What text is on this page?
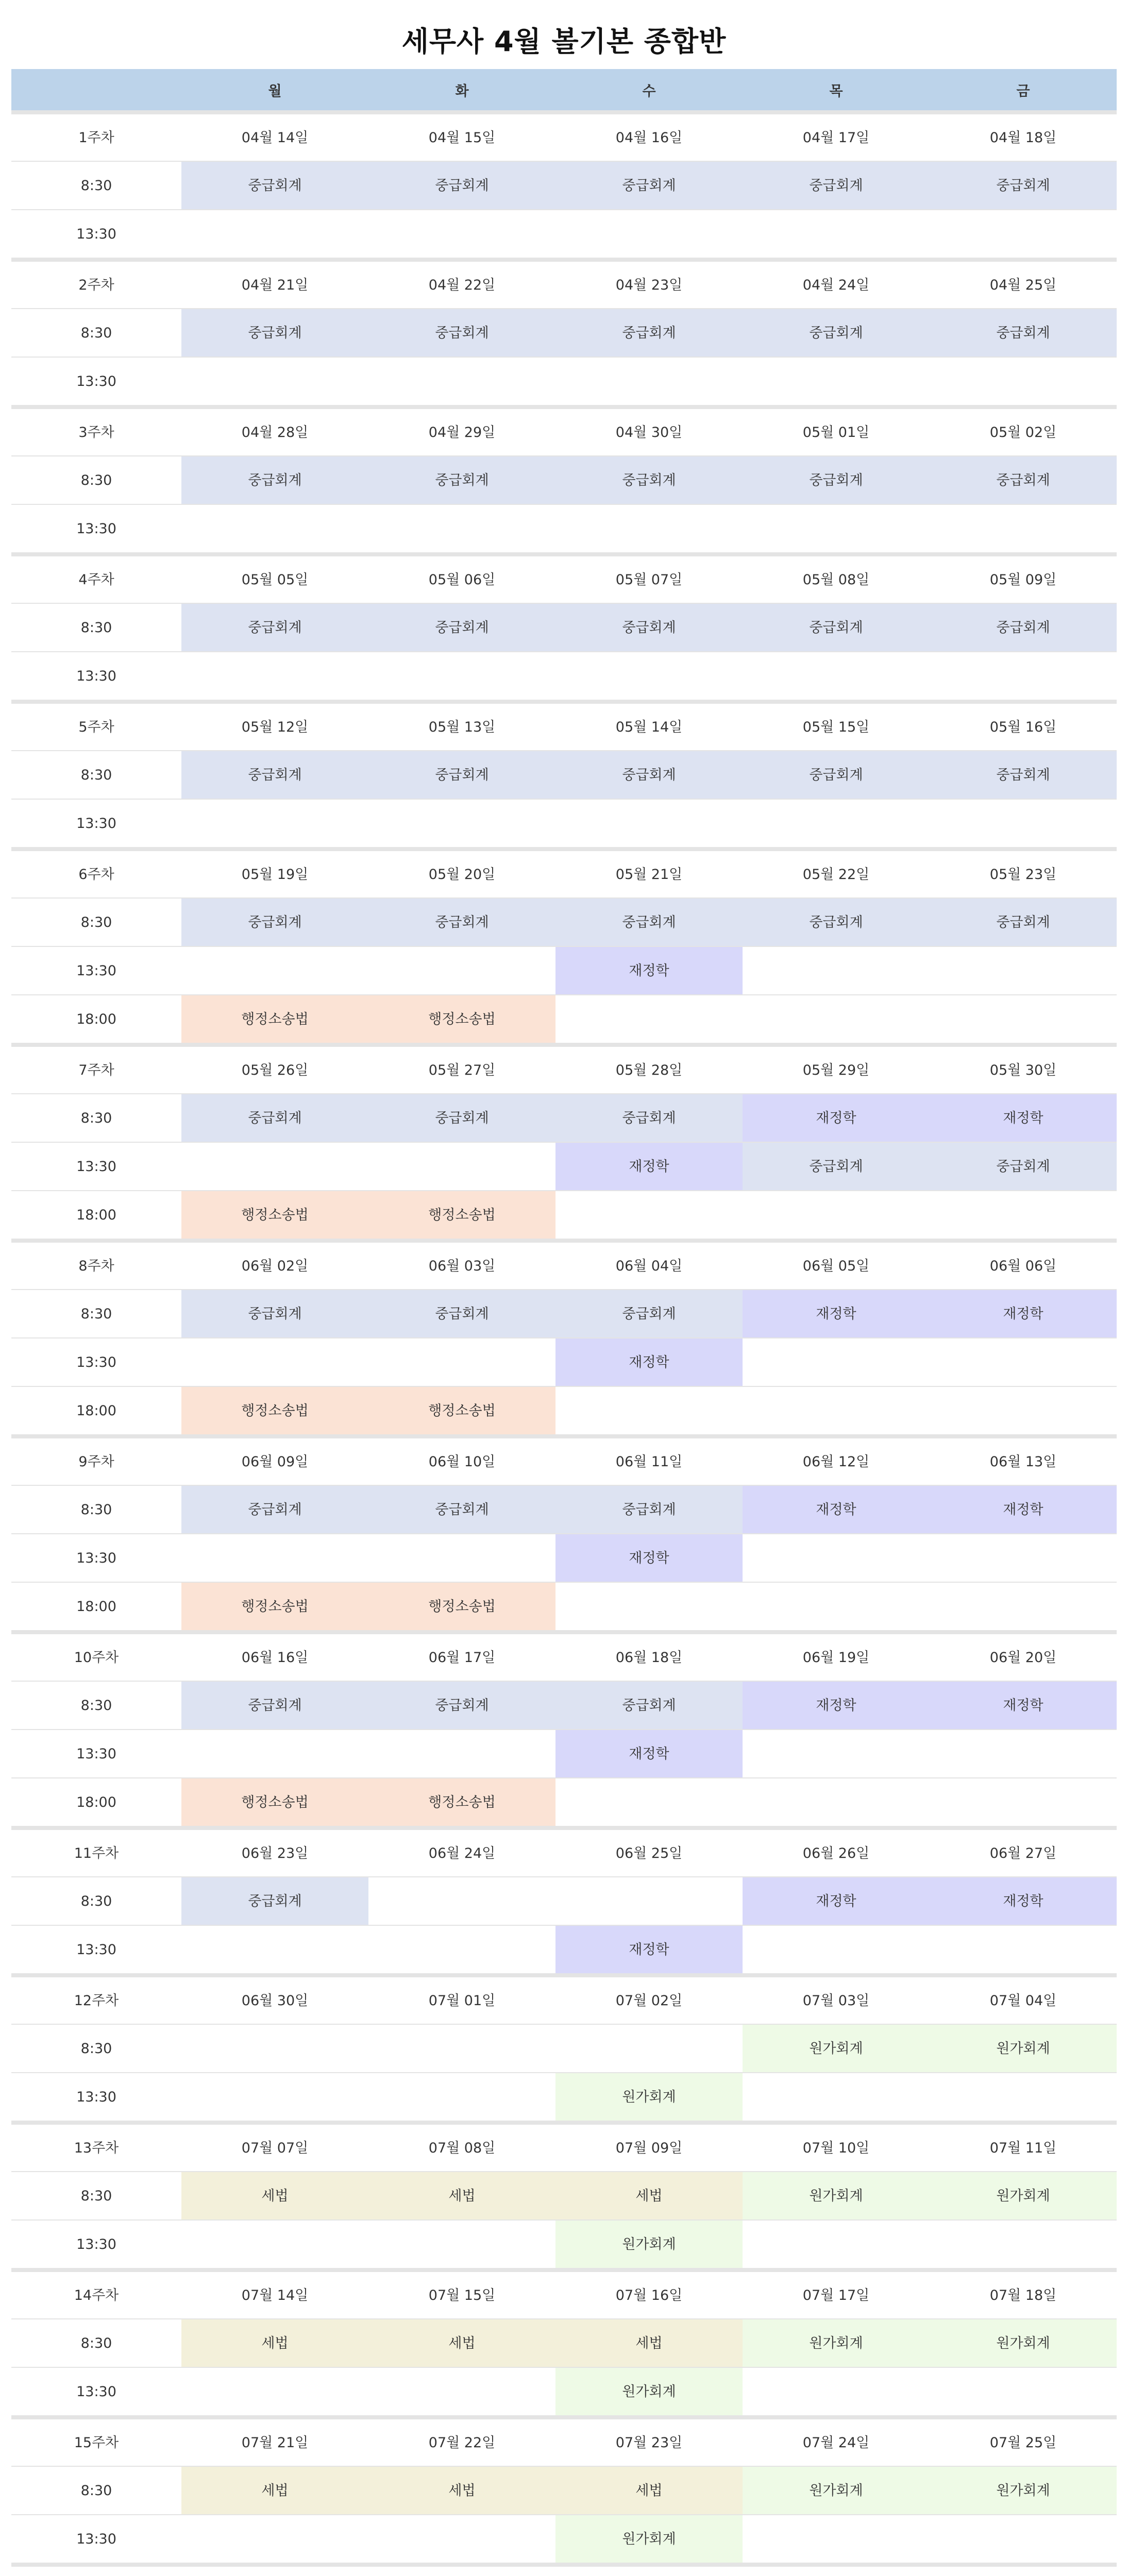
세무사 4월 볼기본 종합반
	월	화	수	목	금
1주차	04월 14일	04월 15일	04월 16일	04월 17일	04월 18일
8:30	중급회계	중급회계	중급회계	중급회계	중급회계
13:30					
2주차	04월 21일	04월 22일	04월 23일	04월 24일	04월 25일
8:30	중급회계	중급회계	중급회계	중급회계	중급회계
13:30					
3주차	04월 28일	04월 29일	04월 30일	05월 01일	05월 02일
8:30	중급회계	중급회계	중급회계	중급회계	중급회계
13:30					
4주차	05월 05일	05월 06일	05월 07일	05월 08일	05월 09일
8:30	중급회계	중급회계	중급회계	중급회계	중급회계
13:30					
5주차	05월 12일	05월 13일	05월 14일	05월 15일	05월 16일
8:30	중급회계	중급회계	중급회계	중급회계	중급회계
13:30					
6주차	05월 19일	05월 20일	05월 21일	05월 22일	05월 23일
8:30	중급회계	중급회계	중급회계	중급회계	중급회계
13:30			재정학		
18:00	행정소송법	행정소송법			
7주차	05월 26일	05월 27일	05월 28일	05월 29일	05월 30일
8:30	중급회계	중급회계	중급회계	재정학	재정학
13:30			재정학	중급회계	중급회계
18:00	행정소송법	행정소송법			
8주차	06월 02일	06월 03일	06월 04일	06월 05일	06월 06일
8:30	중급회계	중급회계	중급회계	재정학	재정학
13:30			재정학		
18:00	행정소송법	행정소송법			
9주차	06월 09일	06월 10일	06월 11일	06월 12일	06월 13일
8:30	중급회계	중급회계	중급회계	재정학	재정학
13:30			재정학		
18:00	행정소송법	행정소송법			
10주차	06월 16일	06월 17일	06월 18일	06월 19일	06월 20일
8:30	중급회계	중급회계	중급회계	재정학	재정학
13:30			재정학		
18:00	행정소송법	행정소송법			
11주차	06월 23일	06월 24일	06월 25일	06월 26일	06월 27일
8:30	중급회계			재정학	재정학
13:30			재정학		
12주차	06월 30일	07월 01일	07월 02일	07월 03일	07월 04일
8:30				원가회계	원가회계
13:30			원가회계		
13주차	07월 07일	07월 08일	07월 09일	07월 10일	07월 11일
8:30	세법	세법	세법	원가회계	원가회계
13:30			원가회계		
14주차	07월 14일	07월 15일	07월 16일	07월 17일	07월 18일
8:30	세법	세법	세법	원가회계	원가회계
13:30			원가회계		
15주차	07월 21일	07월 22일	07월 23일	07월 24일	07월 25일
8:30	세법	세법	세법	원가회계	원가회계
13:30			원가회계		
